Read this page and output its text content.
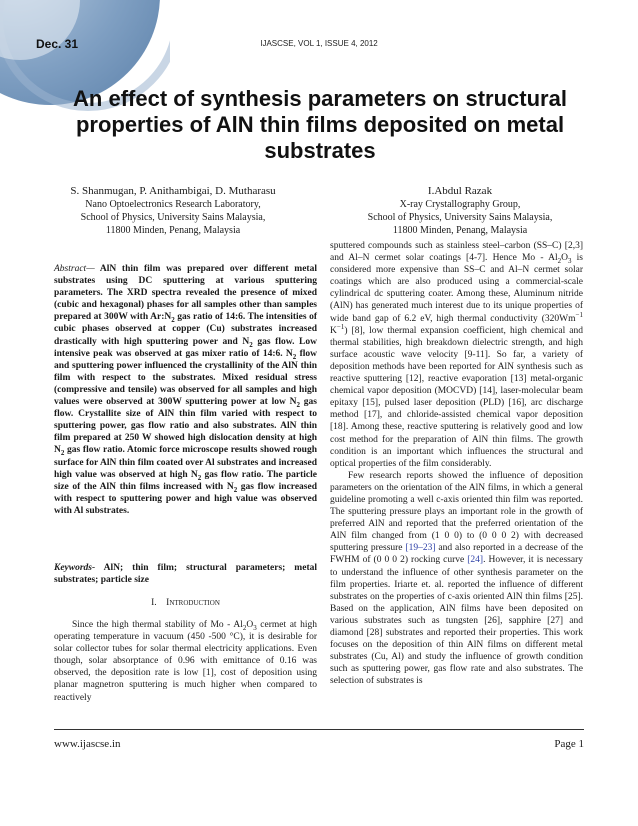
Dec. 31	IJASCSE, VOL 1, ISSUE 4, 2012
An effect of synthesis parameters on structural properties of AlN thin films deposited on metal substrates
S. Shanmugan, P. Anithambigai, D. Mutharasu
Nano Optoelectronics Research Laboratory,
School of Physics, University Sains Malaysia,
11800 Minden, Penang, Malaysia
I.Abdul Razak
X-ray Crystallography Group,
School of Physics, University Sains Malaysia,
11800 Minden, Penang, Malaysia
Abstract— AlN thin film was prepared over different metal substrates using DC sputtering at various sputtering parameters. The XRD spectra revealed the presence of mixed (cubic and hexagonal) phases for all samples other than samples prepared at 300W with $Ar:N_2$ gas ratio of 14:6. The intensities of cubic phases observed at copper (Cu) substrates increased drastically with high sputtering power and $N_2$ gas flow. Low intensive peak was observed at gas mixer ratio of 14:6. $N_2$ flow and sputtering power influenced the crystallinity of the AlN thin film with respect to the substrates. Mixed residual stress (compressive and tensile) was observed for all samples and high values were observed at 300W sputtering power at low $N_2$ gas flow. Crystallite size of AlN thin film varied with respect to sputtering power, gas flow ratio and also substrates. AlN thin film prepared at 250 W showed high dislocation density at high $N_2$ gas flow ratio. Atomic force microscope results showed rough surface for AlN thin film coated over Al substrates and increased high value was observed at high $N_2$ gas flow ratio. The particle size of the AlN thin films increased with $N_2$ gas flow increased with respect to sputtering power and high value was observed with Al substrates.
Keywords- AlN; thin film; structural parameters; metal substrates; particle size
I. Introduction

Since the high thermal stability of Mo - $Al_2O_3$ cermet at high operating temperature in vacuum (450 -500 °C), it is desirable for solar collector tubes for solar thermal electricity applications. Even though, solar absorptance of 0.96 with emittance of 0.16 was observed, the deposition rate is low [1], cost of deposition using planar magnetron sputtering is much higher when compared to reactively

sputtered compounds such as stainless steel–carbon (SS–C) [2,3] and Al–N cermet solar coatings [4-7]. Hence Mo - $Al_2O_3$ is considered more expensive than SS–C and Al–N cermet solar coatings which are also produced using a commercial-scale cylindrical dc sputtering coater. Among these, Aluminum nitride (AlN) has generated much interest due to its unique properties of wide band gap of 6.2 eV, high thermal conductivity ($320Wm^{-1}$ $K^{-1}$) [8], low thermal expansion coefficient, high chemical and thermal stabilities, high breakdown dielectric strength, and high surface acoustic wave velocity [9-11]. So far, a variety of deposition methods have been reported for AlN synthesis such as reactive sputtering [12], reactive evaporation [13] metal-organic chemical vapor deposition (MOCVD) [14], laser-molecular beam epitaxy [15], pulsed laser deposition (PLD) [16], arc discharge method [17], and chloride-assisted chemical vapor deposition [18]. Among these, reactive sputtering is relatively good and low cost method for the preparation of AlN thin films. The growth condition is an important which influences the structural and optical properties of the film considerably.

Few research reports showed the influence of deposition parameters on the orientation of the AlN films, in which a general guideline promoting a well c-axis oriented thin film was reported. The sputtering pressure plays an important role in the growth of preferred AlN and reported that the preferred orientation of the AlN film changed from (1 0 0) to (0 0 0 2) with decreased sputtering pressure [19–23] and also reported in a decrease of the FWHM of (0 0 0 2) rocking curve [24]. However, it is necessary to understand the influence of other synthesis parameter on the film properties. Iriarte et. al. reported the influence of different substrates on the properties of c-axis oriented AlN thin films [25]. Based on the application, AlN films have been deposited on various substrates such as tungsten [26], sapphire [27] and diamond [28] substrates and reported their properties. This work focuses on the deposition of thin AlN films on different metal substrates (Cu, Al) and study the influence of growth condition such as sputtering power, gas flow rate and also substrates. The selection of substrates is

www.ijascse.in	Page 1
